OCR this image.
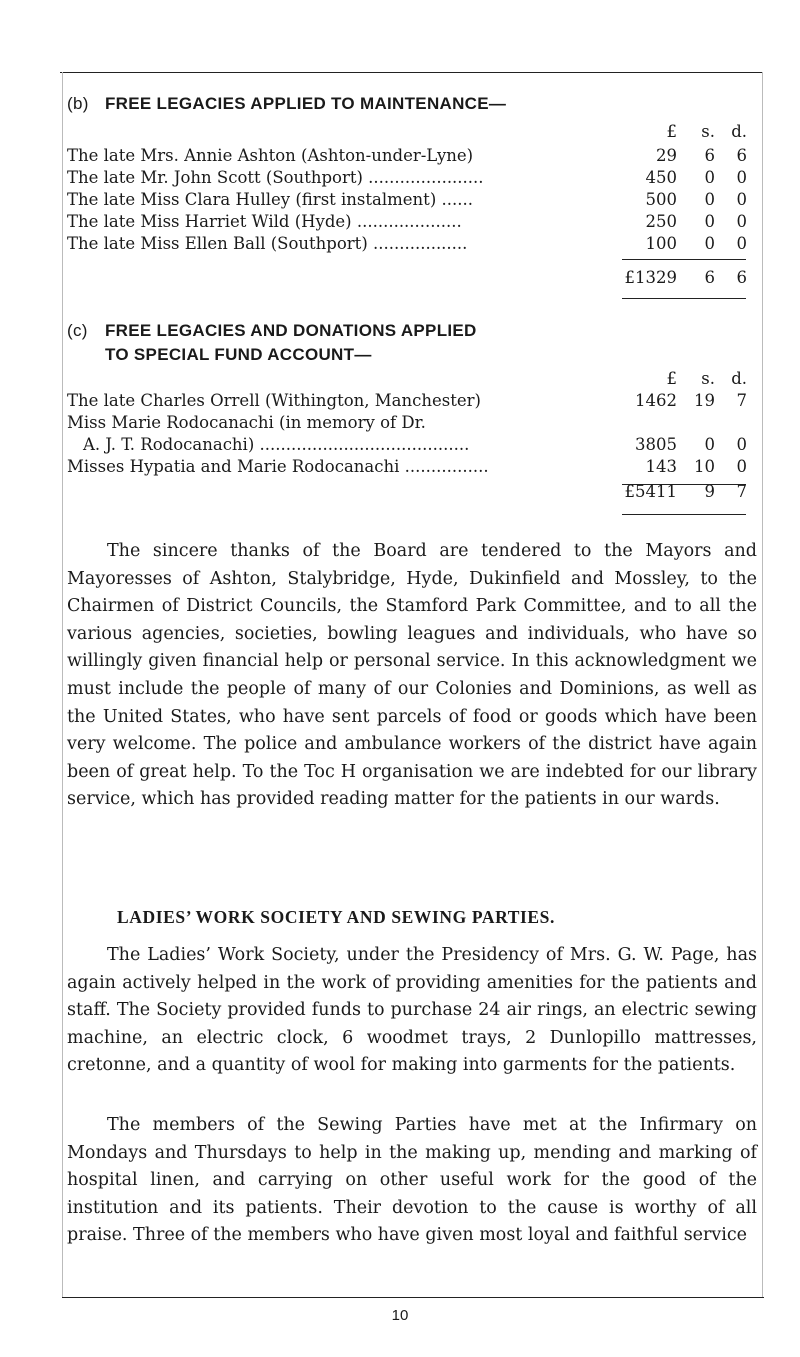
(b) FREE LEGACIES APPLIED TO MAINTENANCE—
£	s. d.
The late Mrs. Annie Ashton (Ashton-under-Lyne)	29	6	6
The late Mr. John Scott (Southport) ......................	450	0	0
The late Miss Clara Hulley (first instalment) ......	500	0	0
The late Miss Harriet Wild (Hyde) ....................	250	0	0
The late Miss Ellen Ball (Southport) ..................	100	0	0
£1329	6	6
(c) FREE LEGACIES AND DONATIONS APPLIED
TO SPECIAL FUND ACCOUNT—
£	s. d.
The late Charles Orrell (Withington, Manchester)	1462	19	7
Miss Marie Rodocanachi (in memory of Dr.
A. J. T. Rodocanachi) ........................................	3805	0	0
Misses Hypatia and Marie Rodocanachi ................	143	10	0
£5411	9	7

The sincere thanks of the Board are tendered to the Mayors and Mayoresses of Ashton, Stalybridge, Hyde, Dukinfield and Mossley, to the Chairmen of District Councils, the Stamford Park Committee, and to all the various agencies, societies, bowling leagues and individuals, who have so willingly given financial help or personal service. In this acknowledgment we must include the people of many of our Colonies and Dominions, as well as the United States, who have sent parcels of food or goods which have been very welcome. The police and ambulance workers of the district have again been of great help. To the Toc H organisation we are indebted for our library service, which has provided reading matter for the patients in our wards.

LADIES’ WORK SOCIETY AND SEWING PARTIES.

The Ladies’ Work Society, under the Presidency of Mrs. G. W. Page, has again actively helped in the work of providing amenities for the patients and staff. The Society provided funds to purchase 24 air rings, an electric sewing machine, an electric clock, 6 woodmet trays, 2 Dunlopillo mattresses, cretonne, and a quantity of wool for making into garments for the patients.

The members of the Sewing Parties have met at the Infirmary on Mondays and Thursdays to help in the making up, mending and marking of hospital linen, and carrying on other useful work for the good of the institution and its patients. Their devotion to the cause is worthy of all praise. Three of the members who have given most loyal and faithful service

10
